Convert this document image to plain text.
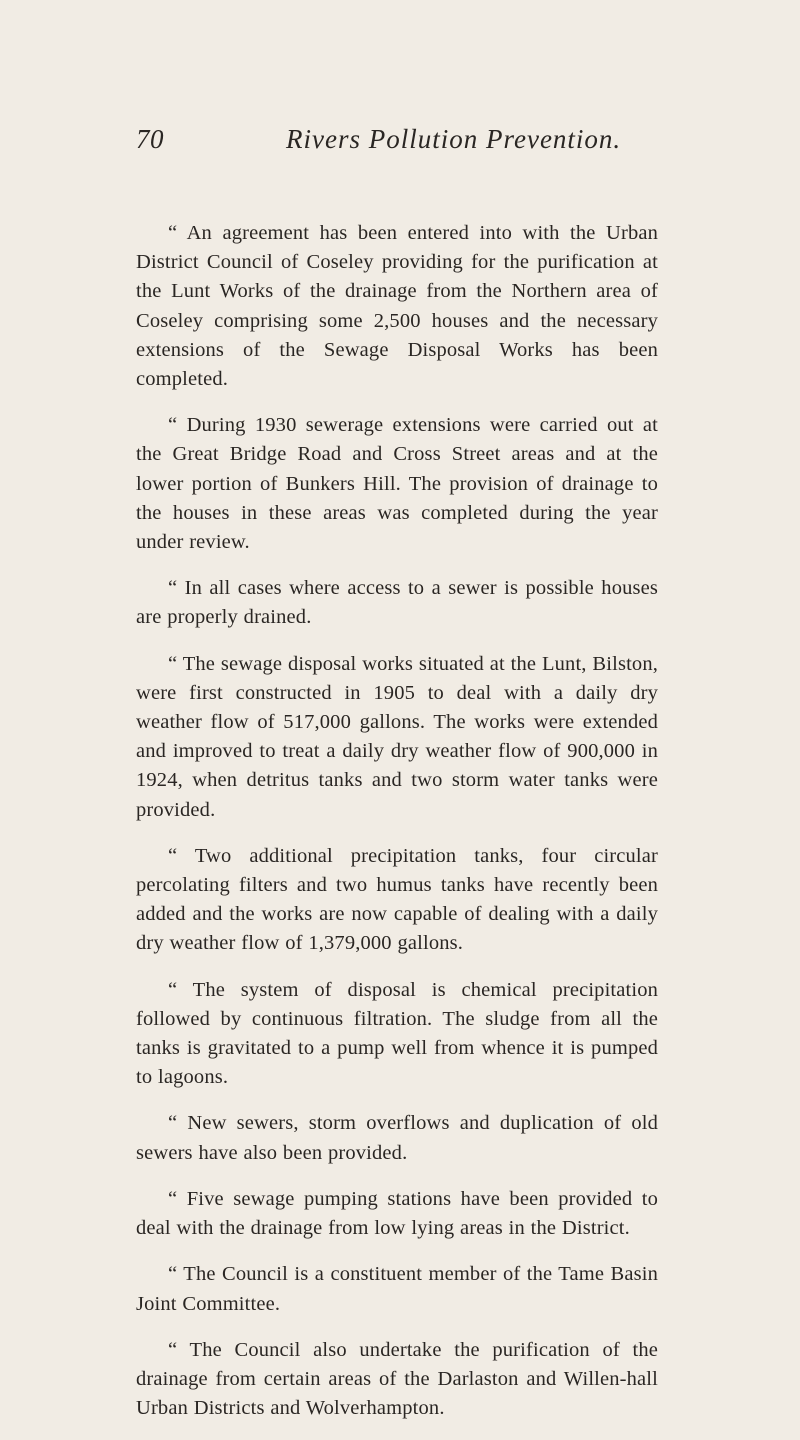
70	Rivers Pollution Prevention.

“ An agreement has been entered into with the Urban District Council of Coseley providing for the purification at the Lunt Works of the drainage from the Northern area of Coseley comprising some 2,500 houses and the necessary extensions of the Sewage Disposal Works has been completed.

“ During 1930 sewerage extensions were carried out at the Great Bridge Road and Cross Street areas and at the lower portion of Bunkers Hill. The provision of drainage to the houses in these areas was completed during the year under review.

“ In all cases where access to a sewer is possible houses are properly drained.

“ The sewage disposal works situated at the Lunt, Bilston, were first constructed in 1905 to deal with a daily dry weather flow of 517,000 gallons. The works were extended and improved to treat a daily dry weather flow of 900,000 in 1924, when detritus tanks and two storm water tanks were provided.

“ Two additional precipitation tanks, four circular percolating filters and two humus tanks have recently been added and the works are now capable of dealing with a daily dry weather flow of 1,379,000 gallons.

“ The system of disposal is chemical precipitation followed by continuous filtration. The sludge from all the tanks is gravitated to a pump well from whence it is pumped to lagoons.

“ New sewers, storm overflows and duplication of old sewers have also been provided.

“ Five sewage pumping stations have been provided to deal with the drainage from low lying areas in the District.

“ The Council is a constituent member of the Tame Basin Joint Committee.

“ The Council also undertake the purification of the drainage from certain areas of the Darlaston and Willen-hall Urban Districts and Wolverhampton.
